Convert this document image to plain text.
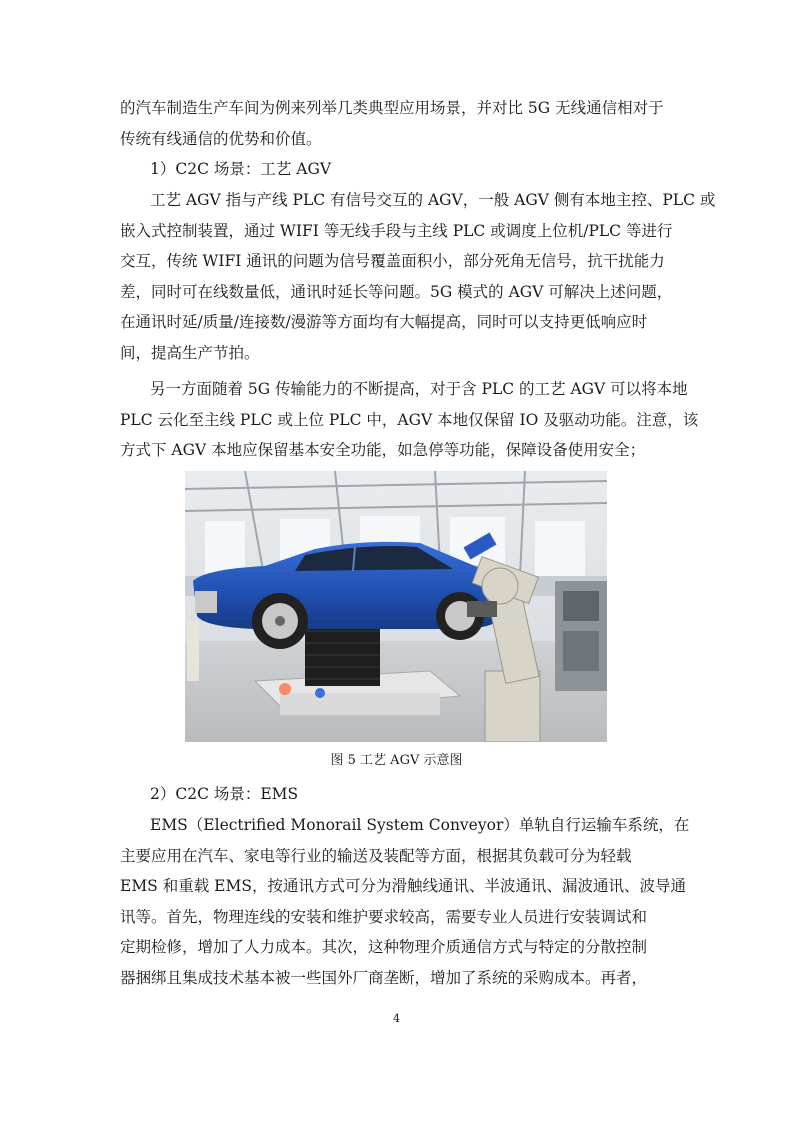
的汽车制造生产车间为例来列举几类典型应用场景，并对比 5G 无线通信相对于
传统有线通信的优势和价值。
1）C2C 场景：工艺 AGV
工艺 AGV 指与产线 PLC 有信号交互的 AGV，一般 AGV 侧有本地主控、PLC 或
嵌入式控制装置，通过 WIFI 等无线手段与主线 PLC 或调度上位机/PLC 等进行
交互，传统 WIFI 通讯的问题为信号覆盖面积小，部分死角无信号，抗干扰能力
差，同时可在线数量低，通讯时延长等问题。5G 模式的 AGV 可解决上述问题，
在通讯时延/质量/连接数/漫游等方面均有大幅提高，同时可以支持更低响应时
间，提高生产节拍。
另一方面随着 5G 传输能力的不断提高，对于含 PLC 的工艺 AGV 可以将本地
PLC 云化至主线 PLC 或上位 PLC 中，AGV 本地仅保留 IO 及驱动功能。注意，该
方式下 AGV 本地应保留基本安全功能，如急停等功能，保障设备使用安全；
图 5 工艺 AGV 示意图
2）C2C 场景：EMS
EMS（Electrified Monorail System Conveyor）单轨自行运输车系统，在
主要应用在汽车、家电等行业的输送及装配等方面，根据其负载可分为轻载
EMS 和重载 EMS，按通讯方式可分为滑触线通讯、半波通讯、漏波通讯、波导通
讯等。首先，物理连线的安装和维护要求较高，需要专业人员进行安装调试和
定期检修，增加了人力成本。其次，这种物理介质通信方式与特定的分散控制
器捆绑且集成技术基本被一些国外厂商垄断，增加了系统的采购成本。再者，
4
